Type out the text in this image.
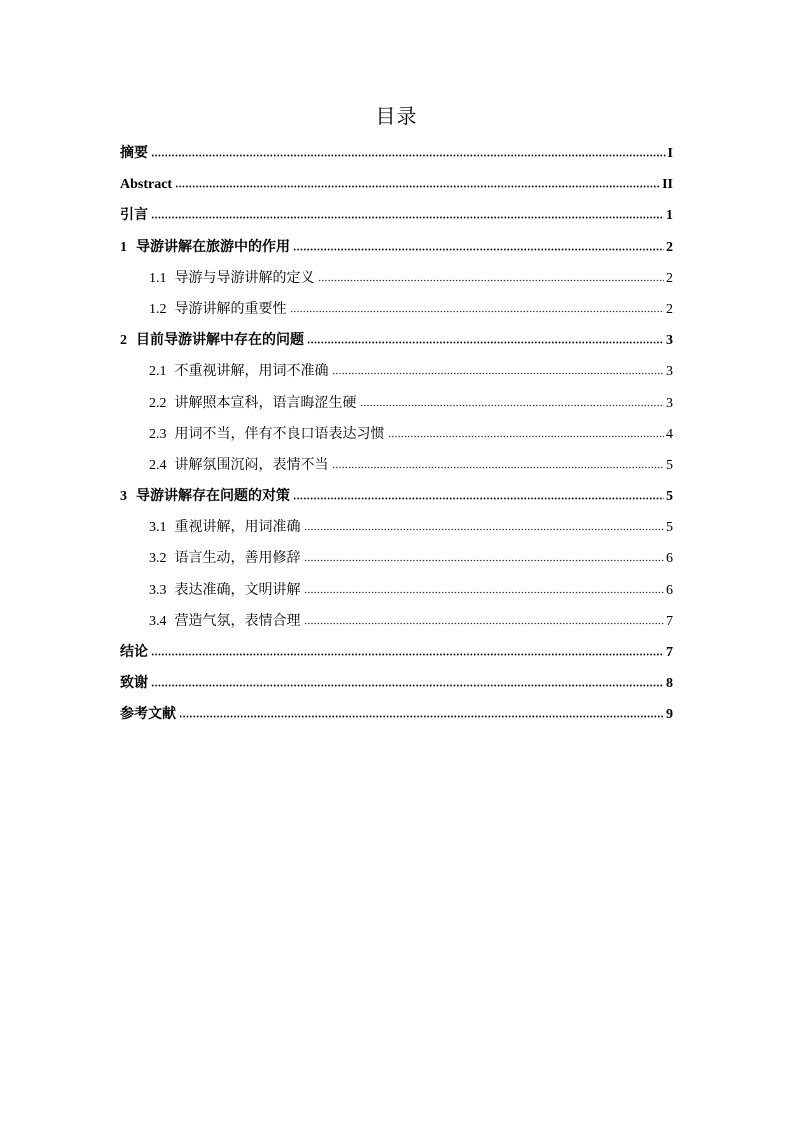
目录
摘要	I
Abstract	II
引言	1
1 导游讲解在旅游中的作用	2
1.1 导游与导游讲解的定义	2
1.2 导游讲解的重要性	2
2 目前导游讲解中存在的问题	3
2.1 不重视讲解，用词不准确	3
2.2 讲解照本宣科，语言晦涩生硬	3
2.3 用词不当，伴有不良口语表达习惯	4
2.4 讲解氛围沉闷，表情不当	5
3 导游讲解存在问题的对策	5
3.1 重视讲解，用词准确	5
3.2 语言生动，善用修辞	6
3.3 表达准确，文明讲解	6
3.4 营造气氛，表情合理	7
结论	7
致谢	8
参考文献	9
